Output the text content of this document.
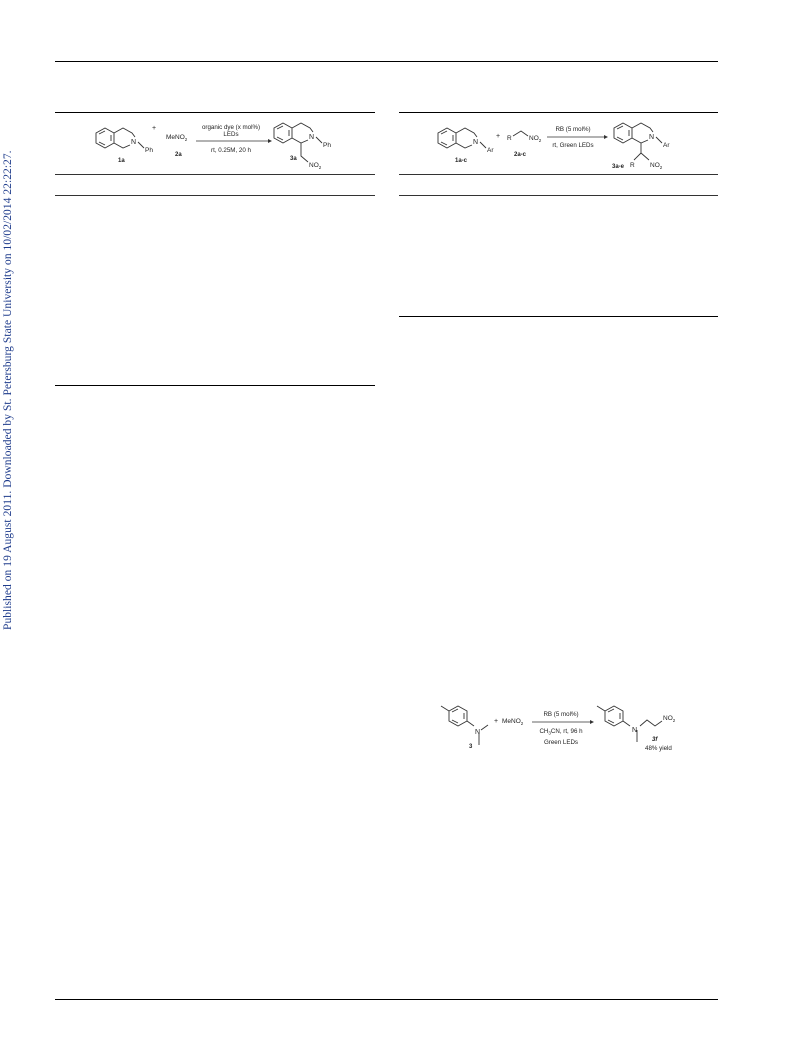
Published on 19 August 2011. Downloaded by St. Petersburg State University on 10/02/2014 22:22:27.
N
Ph
1a
+
MeNO$_2$
2a
organic dye (x mol%)
LEDs
rt, 0.25M, 20 h
N
Ph
$NO_2$
3a
N
Ar
1a-c
+ R	$NO_2$
2a-c
RB (5 mol%)
rt, Green LEDs
N
Ar
R $NO_2$
3a-e
N
3
+ MeNO$_2$
RB (5 mol%)
$CH_3CN$, rt, 96 h
Green LEDs
N
$NO_2$
3f
48% yield
